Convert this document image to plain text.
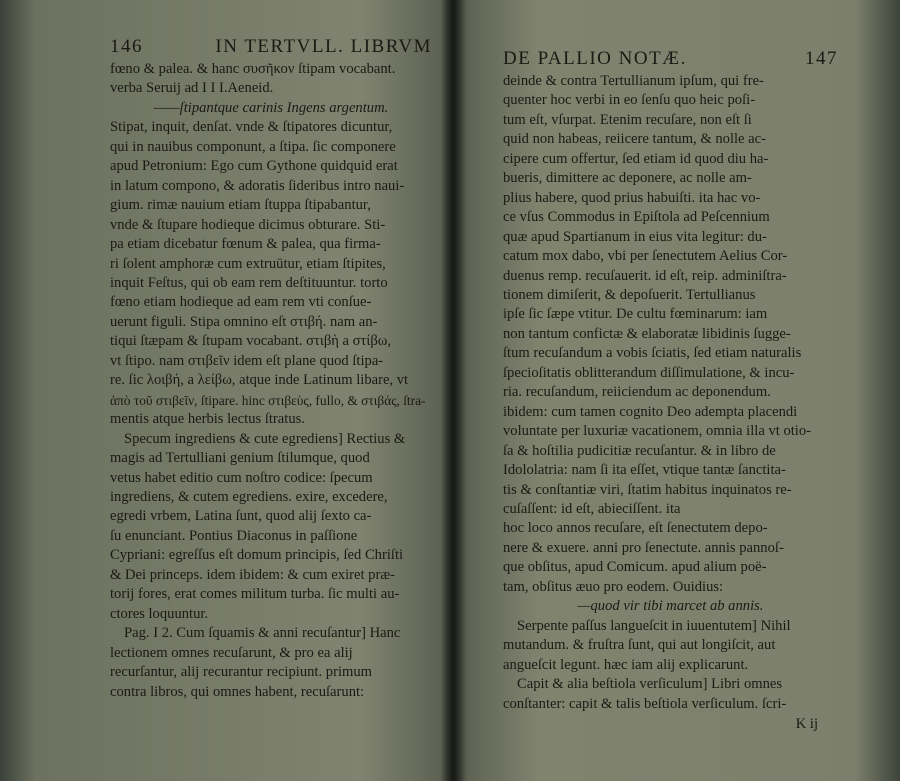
146	IN TERTVLL. LIBRVM
fœno & palea. & hanc συσῆκον ſtipam vocabant.
verba Seruij ad I I I.Aeneid.
——ſtipantque carinis Ingens argentum.
Stipat, inquit, denſat. vnde & ſtipatores dicuntur,
qui in nauibus componunt, a ſtipa. ſic componere
apud Petronium: Ego cum Gythone quidquid erat
in latum compono, & adoratis ſideribus intro naui-
gium. rimæ nauium etiam ſtuppa ſtipabantur,
vnde & ſtupare hodieque dicimus obturare. Sti-
pa etiam dicebatur fœnum & palea, qua firma-
ri ſolent amphoræ cum extruūtur, etiam ſtipites,
inquit Feſtus, qui ob eam rem deſtituuntur. torto
fœno etiam hodieque ad eam rem vti conſue-
uerunt figuli. Stipa omnino eſt στιβή. nam an-
tiqui ſtæpam & ſtupam vocabant. στιβὴ a στίβω,
vt ſtipo. nam στιβεῖν idem eſt plane quod ſtipa-
re. ſic λοιβή, a λείβω, atque inde Latinum libare, vt
ἀπὸ τοῦ στιβεῖν, ſtipare. hinc στιβεὺς, fullo, & στιβάς, ſtra-
mentis atque herbis lectus ſtratus.
Specum ingrediens & cute egrediens] Rectius &
magis ad Tertulliani genium ſtilumque, quod
vetus habet editio cum noſtro codice: ſpecum
ingrediens, & cutem egrediens. exire, excedere,
egredi vrbem, Latina ſunt, quod alij ſexto ca-
ſu enunciant. Pontius Diaconus in paſſione
Cypriani: egreſſus eſt domum principis, ſed Chriſti
& Dei princeps. idem ibidem: & cum exiret præ-
torij fores, erat comes militum turba. ſic multi au-
ctores loquuntur.
Pag. I 2. Cum ſquamis & anni recuſantur] Hanc
lectionem omnes recuſarunt, & pro ea alij
recurſantur, alij recurantur recipiunt. primum
contra libros, qui omnes habent, recuſarunt:
DE PALLIO NOTÆ.	147
deinde & contra Tertullianum ipſum, qui fre-
quenter hoc verbi in eo ſenſu quo heic poſi-
tum eſt, vſurpat. Etenim recuſare, non eſt ſi
quid non habeas, reiicere tantum, & nolle ac-
cipere cum offertur, ſed etiam id quod diu ha-
bueris, dimittere ac deponere, ac nolle am-
plius habere, quod prius habuiſti. ita hac vo-
ce vſus Commodus in Epiſtola ad Peſcennium
quæ apud Spartianum in eius vita legitur: du-
catum mox dabo, vbi per ſenectutem Aelius Cor-
duenus remp. recuſauerit. id eſt, reip. adminiſtra-
tionem dimiſerit, & depoſuerit. Tertullianus
ipſe ſic ſæpe vtitur. De cultu fœminarum: iam
non tantum confictæ & elaboratæ libidinis ſugge-
ſtum recuſandum a vobis ſciatis, ſed etiam naturalis
ſpecioſitatis oblitterandum diſſimulatione, & incu-
ria. recuſandum, reiiciendum ac deponendum.
ibidem: cum tamen cognito Deo adempta placendi
voluntate per luxuriæ vacationem, omnia illa vt otio-
ſa & hoſtilia pudicitiæ recuſantur. & in libro de
Idololatria: nam ſi ita eſſet, vtique tantæ ſanctita-
tis & conſtantiæ viri, ſtatim habitus inquinatos re-
cuſaſſent: id eſt, abieciſſent. ita
hoc loco annos recuſare, eſt ſenectutem depo-
nere & exuere. anni pro ſenectute. annis pannoſ-
que obſitus, apud Comicum. apud alium poë-
tam, obſitus æuo pro eodem. Ouidius:
—quod vir tibi marcet ab annis.
Serpente paſſus langueſcit in iuuentutem] Nihil
mutandum. & fruſtra ſunt, qui aut longiſcit, aut
angueſcit legunt. hæc iam alij explicarunt.
Capit & alia beſtiola verſiculum] Libri omnes
conſtanter: capit & talis beſtiola verſiculum. ſcri-
K ij
